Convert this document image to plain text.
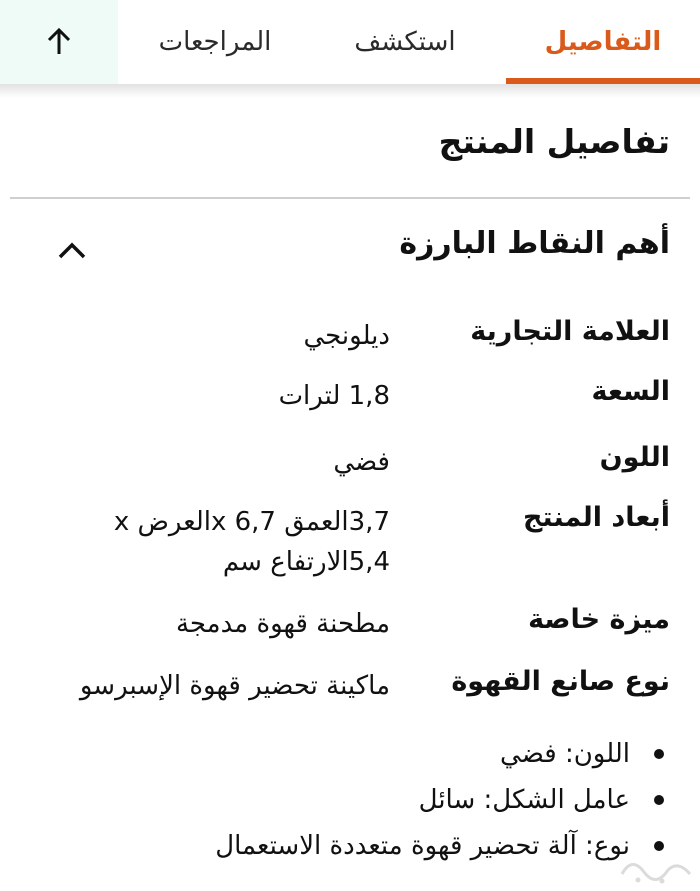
المراجعات	استكشف	التفاصيل
تفاصيل المنتج
أهم النقاط البارزة
العلامة التجارية
ديلونجي
السعة
1,8 لترات
اللون
فضي
أبعاد المنتج
3,7العمق x 6,7العرض x 5,4الارتفاع سم
ميزة خاصة
مطحنة قهوة مدمجة
نوع صانع القهوة
ماكينة تحضير قهوة الإسبرسو
اللون: فضي
عامل الشكل: سائل
نوع: آلة تحضير قهوة متعددة الاستعمال
